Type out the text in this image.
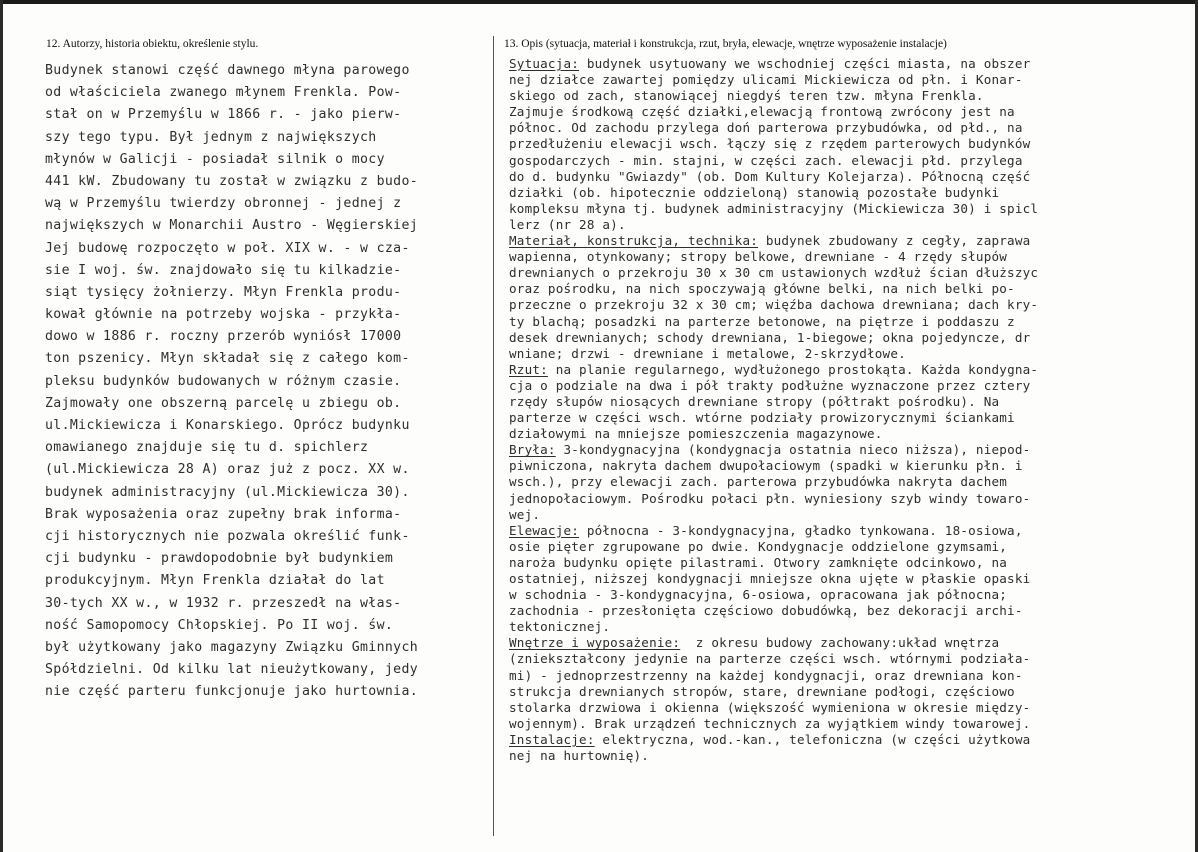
12. Autorzy, historia obiektu, określenie stylu.	13. Opis (sytuacja, materiał i konstrukcja, rzut, bryła, elewacje, wnętrze wyposażenie instalacje)
Budynek stanowi część dawnego młyna parowego
od właściciela zwanego młynem Frenkla. Pow-
stał on w Przemyślu w 1866 r. - jako pierw-
szy tego typu. Był jednym z największych
młynów w Galicji - posiadał silnik o mocy
441 kW. Zbudowany tu został w związku z budo-
wą w Przemyślu twierdzy obronnej - jednej z
największych w Monarchii Austro - Węgierskiej
Jej budowę rozpoczęto w poł. XIX w. - w cza-
sie I woj. św. znajdowało się tu kilkadzie-
siąt tysięcy żołnierzy. Młyn Frenkla produ-
kował głównie na potrzeby wojska - przykła-
dowo w 1886 r. roczny przerób wyniósł 17000
ton pszenicy. Młyn składał się z całego kom-
pleksu budynków budowanych w różnym czasie.
Zajmowały one obszerną parcelę u zbiegu ob.
ul.Mickiewicza i Konarskiego. Oprócz budynku
omawianego znajduje się tu d. spichlerz
(ul.Mickiewicza 28 A) oraz już z pocz. XX w.
budynek administracyjny (ul.Mickiewicza 30).
Brak wyposażenia oraz zupełny brak informa-
cji historycznych nie pozwala określić funk-
cji budynku - prawdopodobnie był budynkiem
produkcyjnym. Młyn Frenkla działał do lat
30-tych XX w., w 1932 r. przeszedł na włas-
ność Samopomocy Chłopskiej. Po II woj. św.
był użytkowany jako magazyny Związku Gminnych
Spółdzielni. Od kilku lat nieużytkowany, jedy
nie część parteru funkcjonuje jako hurtownia.
Sytuacja: budynek usytuowany we wschodniej części miasta, na obszer
nej działce zawartej pomiędzy ulicami Mickiewicza od płn. i Konar-
skiego od zach, stanowiącej niegdyś teren tzw. młyna Frenkla.
Zajmuje środkową część działki,elewacją frontową zwrócony jest na
północ. Od zachodu przylega doń parterowa przybudówka, od płd., na
przedłużeniu elewacji wsch. łączy się z rzędem parterowych budynków
gospodarczych - min. stajni, w części zach. elewacji płd. przylega
do d. budynku "Gwiazdy" (ob. Dom Kultury Kolejarza). Północną część
działki (ob. hipotecznie oddzieloną) stanowią pozostałe budynki
kompleksu młyna tj. budynek administracyjny (Mickiewicza 30) i spicl
lerz (nr 28 a).
Materiał, konstrukcja, technika: budynek zbudowany z cegły, zaprawa
wapienna, otynkowany; stropy belkowe, drewniane - 4 rzędy słupów
drewnianych o przekroju 30 x 30 cm ustawionych wzdłuż ścian dłuższyc
oraz pośrodku, na nich spoczywają główne belki, na nich belki po-
przeczne o przekroju 32 x 30 cm; więźba dachowa drewniana; dach kry-
ty blachą; posadzki na parterze betonowe, na piętrze i poddaszu z
desek drewnianych; schody drewniana, 1-biegowe; okna pojedyncze, dr
wniane; drzwi - drewniane i metalowe, 2-skrzydłowe.
Rzut: na planie regularnego, wydłużonego prostokąta. Każda kondygna-
cja o podziale na dwa i pół trakty podłużne wyznaczone przez cztery
rzędy słupów niosących drewniane stropy (półtrakt pośrodku). Na
parterze w części wsch. wtórne podziały prowizorycznymi ściankami
działowymi na mniejsze pomieszczenia magazynowe.
Bryła: 3-kondygnacyjna (kondygnacja ostatnia nieco niższa), niepod-
piwniczona, nakryta dachem dwupołaciowym (spadki w kierunku płn. i
wsch.), przy elewacji zach. parterowa przybudówka nakryta dachem
jednopołaciowym. Pośrodku połaci płn. wyniesiony szyb windy towaro-
wej.
Elewacje: północna - 3-kondygnacyjna, gładko tynkowana. 18-osiowa,
osie pięter zgrupowane po dwie. Kondygnacje oddzielone gzymsami,
naroża budynku opięte pilastrami. Otwory zamknięte odcinkowo, na
ostatniej, niższej kondygnacji mniejsze okna ujęte w płaskie opaski
w schodnia - 3-kondygnacyjna, 6-osiowa, opracowana jak północna;
zachodnia - przesłonięta częściowo dobudówką, bez dekoracji archi-
tektonicznej.
Wnętrze i wyposażenie:  z okresu budowy zachowany:układ wnętrza
(zniekształcony jedynie na parterze części wsch. wtórnymi podziała-
mi) - jednoprzestrzenny na każdej kondygnacji, oraz drewniana kon-
strukcja drewnianych stropów, stare, drewniane podłogi, częściowo
stolarka drzwiowa i okienna (większość wymieniona w okresie między-
wojennym). Brak urządzeń technicznych za wyjątkiem windy towarowej.
Instalacje: elektryczna, wod.-kan., telefoniczna (w części użytkowa
nej na hurtownię).
